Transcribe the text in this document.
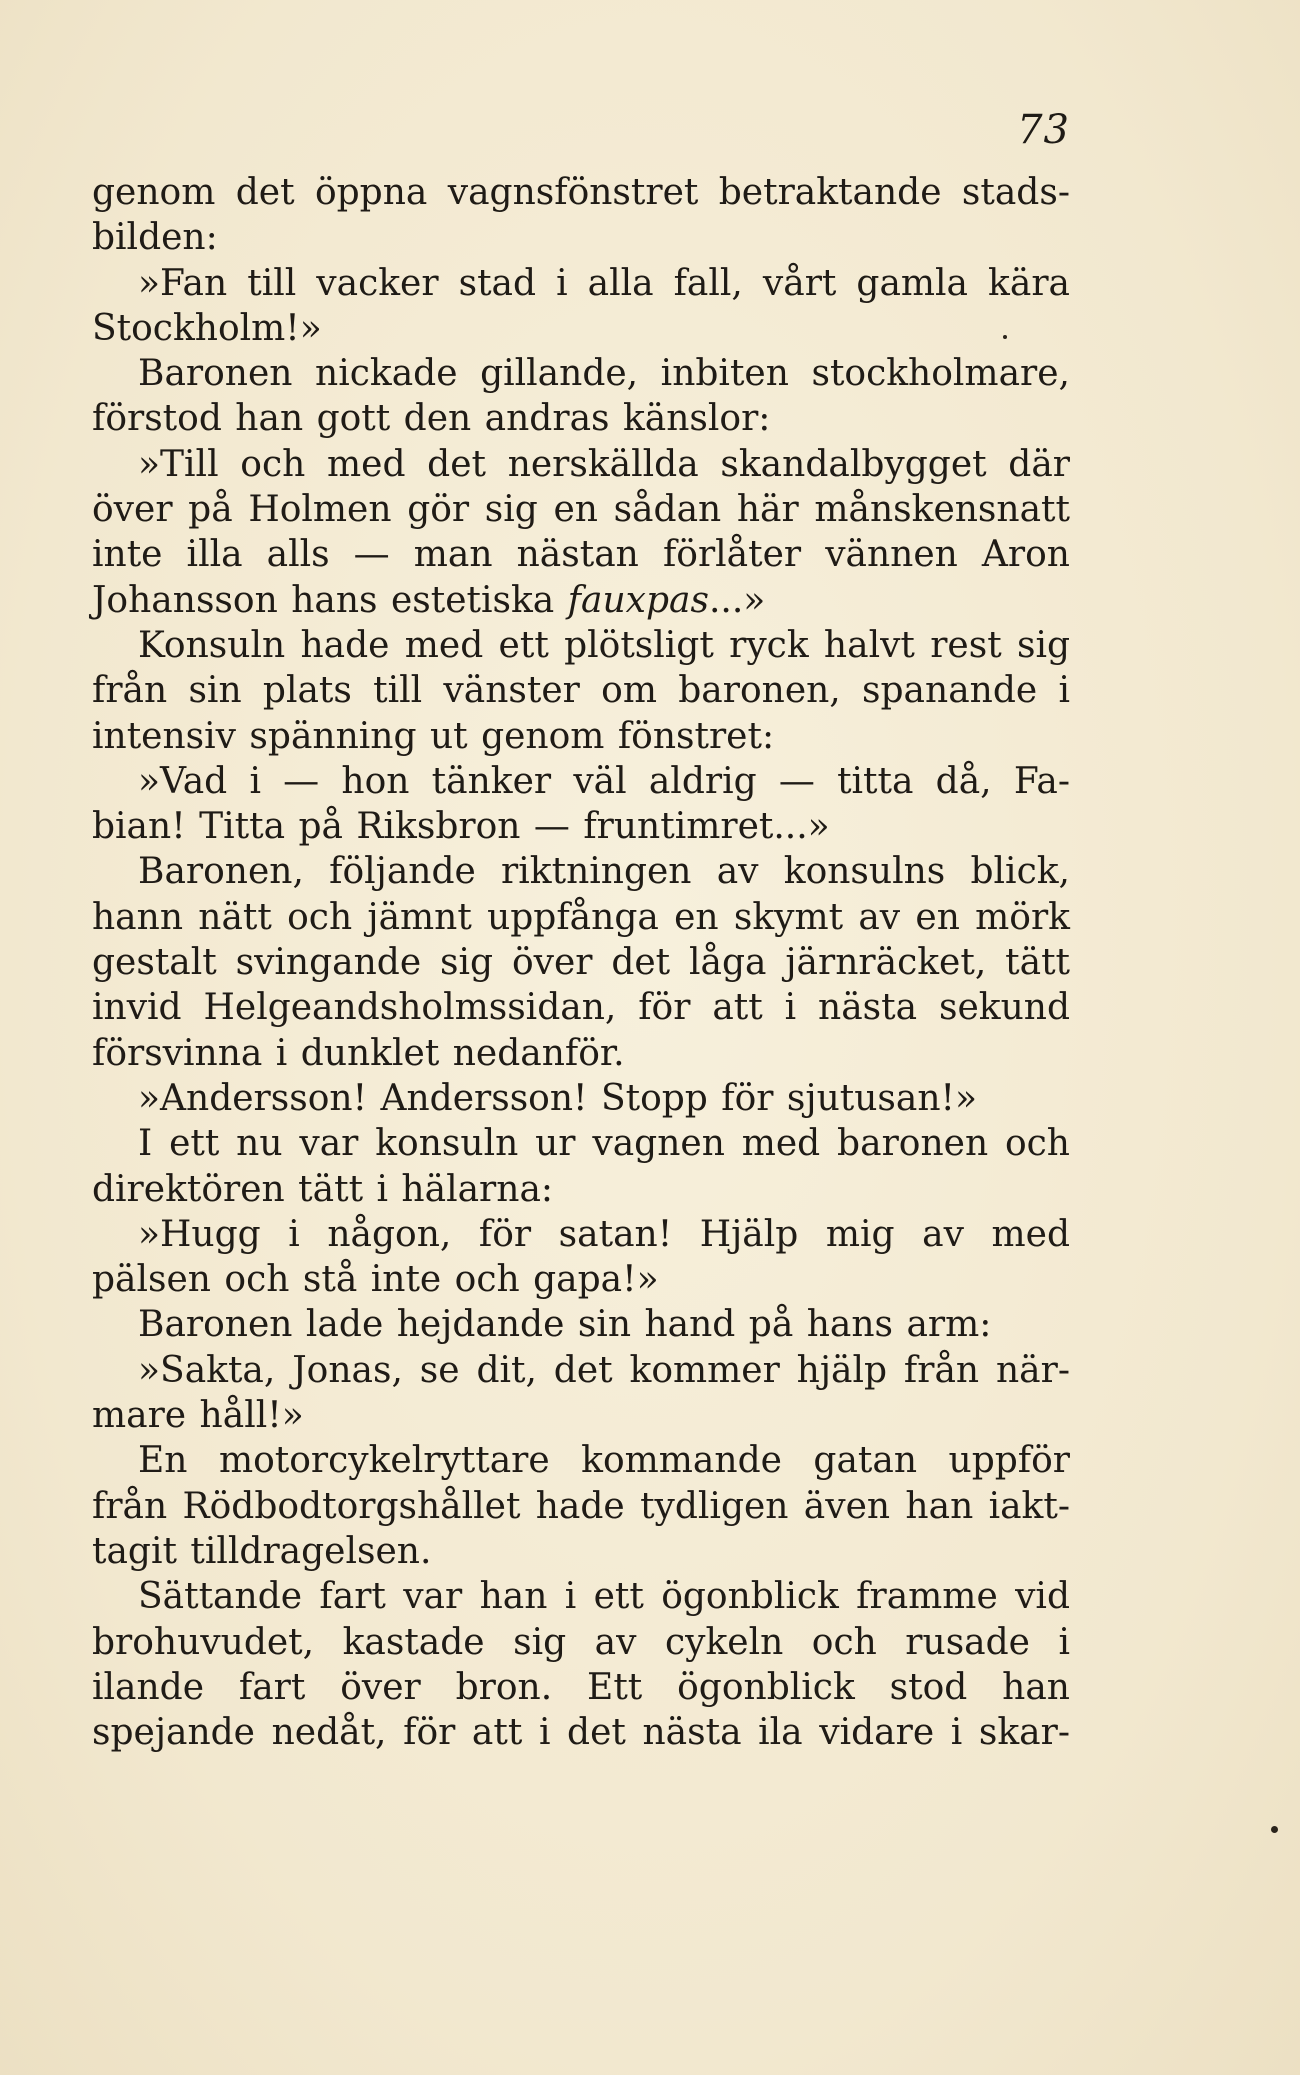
73
genom det öppna vagnsfönstret betraktande stads-
bilden:
»Fan till vacker stad i alla fall, vårt gamla kära
Stockholm!»
Baronen nickade gillande, inbiten stockholmare,
förstod han gott den andras känslor:
»Till och med det nerskällda skandalbygget där
över på Holmen gör sig en sådan här månskensnatt
inte illa alls — man nästan förlåter vännen Aron
Johansson hans estetiska fauxpas...»
Konsuln hade med ett plötsligt ryck halvt rest sig
från sin plats till vänster om baronen, spanande i
intensiv spänning ut genom fönstret:
»Vad i — hon tänker väl aldrig — titta då, Fa-
bian! Titta på Riksbron — fruntimret...»
Baronen, följande riktningen av konsulns blick,
hann nätt och jämnt uppfånga en skymt av en mörk
gestalt svingande sig över det låga järnräcket, tätt
invid Helgeandsholmssidan, för att i nästa sekund
försvinna i dunklet nedanför.
»Andersson! Andersson! Stopp för sjutusan!»
I ett nu var konsuln ur vagnen med baronen och
direktören tätt i hälarna:
»Hugg i någon, för satan! Hjälp mig av med
pälsen och stå inte och gapa!»
Baronen lade hejdande sin hand på hans arm:
»Sakta, Jonas, se dit, det kommer hjälp från när-
mare håll!»
En motorcykelryttare kommande gatan uppför
från Rödbodtorgshållet hade tydligen även han iakt-
tagit tilldragelsen.
Sättande fart var han i ett ögonblick framme vid
brohuvudet, kastade sig av cykeln och rusade i
ilande fart över bron. Ett ögonblick stod han
spejande nedåt, för att i det nästa ila vidare i skar-
